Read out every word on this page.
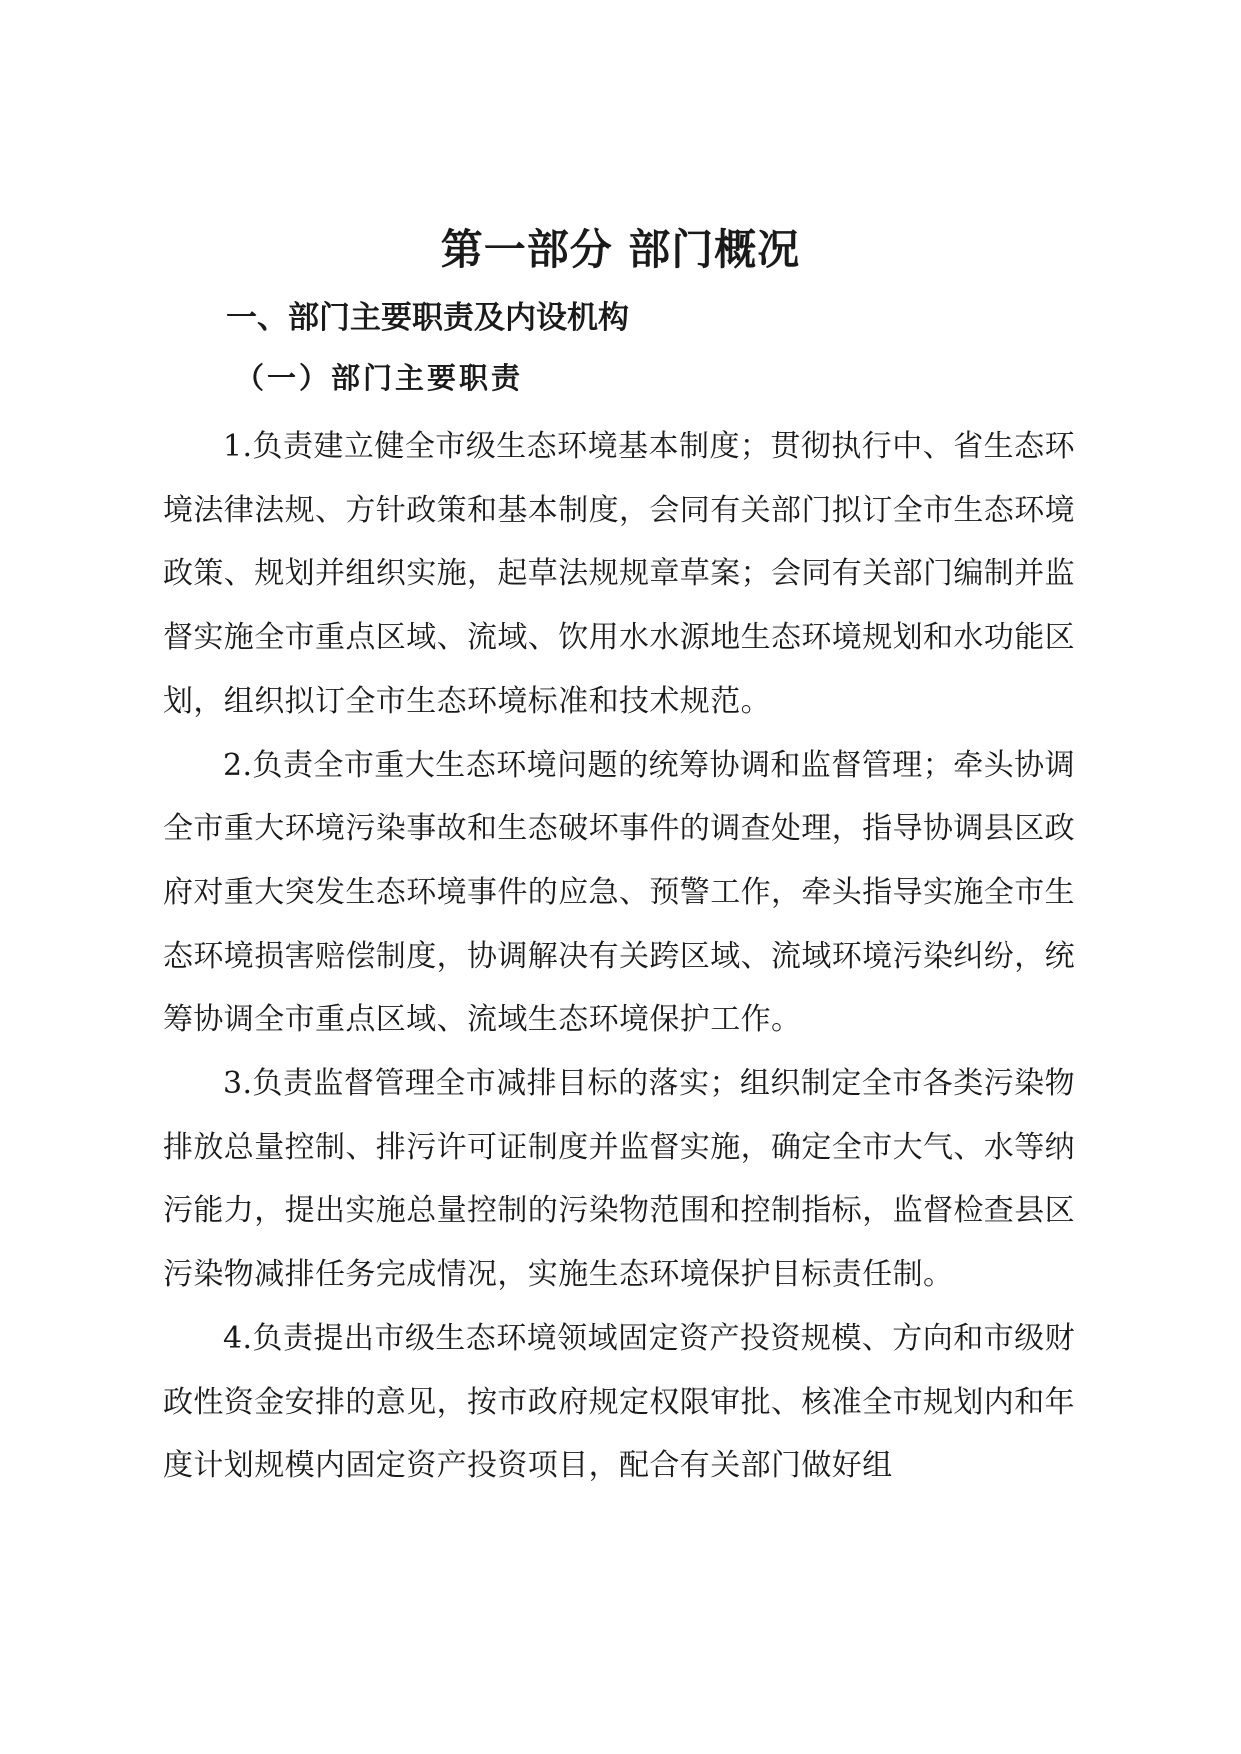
第一部分 部门概况
一、部门主要职责及内设机构
（一）部门主要职责

1.负责建立健全市级生态环境基本制度；贯彻执行中、省生态环境法律法规、方针政策和基本制度，会同有关部门拟订全市生态环境政策、规划并组织实施，起草法规规章草案；会同有关部门编制并监督实施全市重点区域、流域、饮用水水源地生态环境规划和水功能区划，组织拟订全市生态环境标准和技术规范。

2.负责全市重大生态环境问题的统筹协调和监督管理；牵头协调全市重大环境污染事故和生态破坏事件的调查处理，指导协调县区政府对重大突发生态环境事件的应急、预警工作，牵头指导实施全市生态环境损害赔偿制度，协调解决有关跨区域、流域环境污染纠纷，统筹协调全市重点区域、流域生态环境保护工作。

3.负责监督管理全市减排目标的落实；组织制定全市各类污染物排放总量控制、排污许可证制度并监督实施，确定全市大气、水等纳污能力，提出实施总量控制的污染物范围和控制指标，监督检查县区污染物减排任务完成情况，实施生态环境保护目标责任制。

4.负责提出市级生态环境领域固定资产投资规模、方向和市级财政性资金安排的意见，按市政府规定权限审批、核准全市规划内和年度计划规模内固定资产投资项目，配合有关部门做好组
